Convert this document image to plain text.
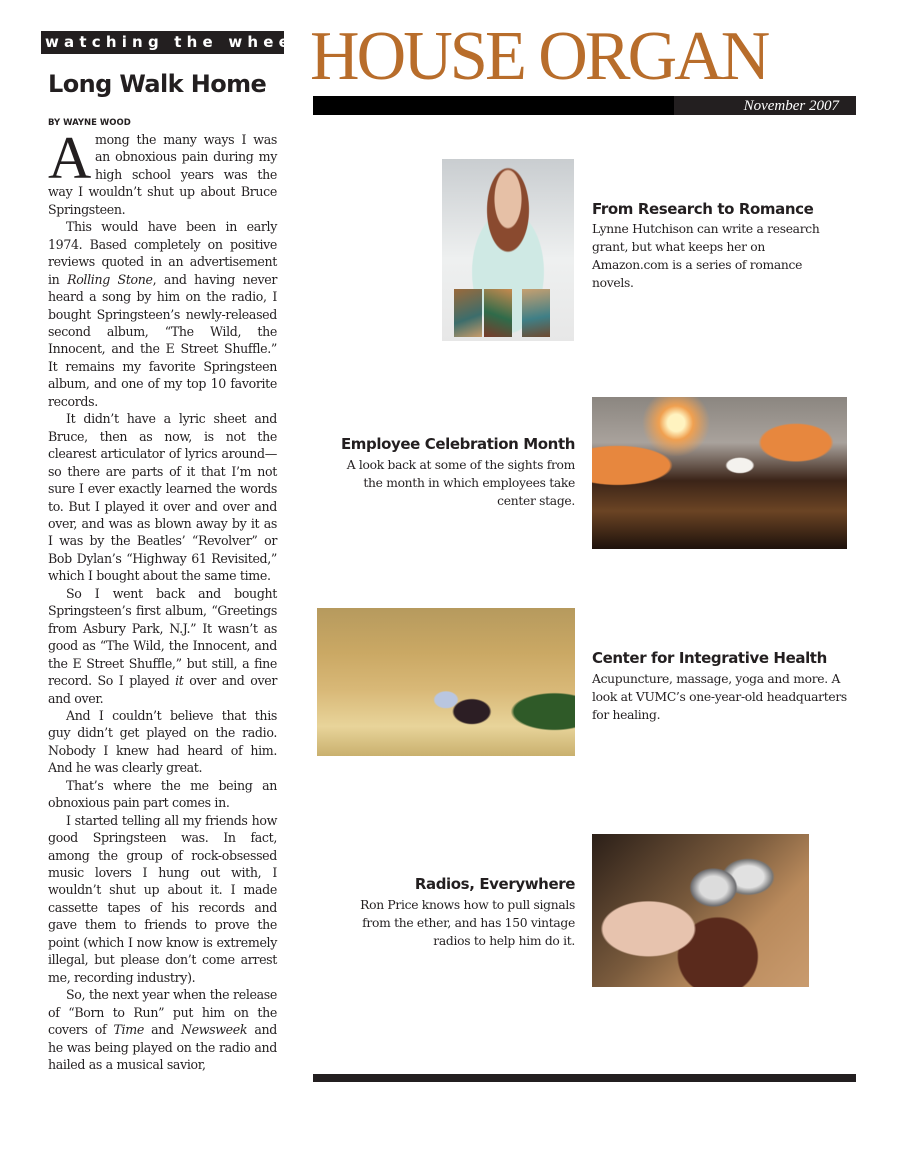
watching the wheels
Long Walk Home
BY WAYNE WOOD

Among the many ways I was an obnoxious pain during my high school years was the way I wouldn’t shut up about Bruce Springsteen.

This would have been in early 1974. Based completely on positive reviews quoted in an advertisement in Rolling Stone, and having never heard a song by him on the radio, I bought Springsteen’s newly-released second album, “The Wild, the Innocent, and the E Street Shuffle.” It remains my favorite Springsteen album, and one of my top 10 favorite records.

It didn’t have a lyric sheet and Bruce, then as now, is not the clearest articulator of lyrics around—so there are parts of it that I’m not sure I ever exactly learned the words to. But I played it over and over and over, and was as blown away by it as I was by the Beatles’ “Revolver” or Bob Dylan’s “Highway 61 Revisited,” which I bought about the same time.

So I went back and bought Springsteen’s first album, “Greetings from Asbury Park, N.J.” It wasn’t as good as “The Wild, the Innocent, and the E Street Shuffle,” but still, a fine record. So I played it over and over and over.

And I couldn’t believe that this guy didn’t get played on the radio. Nobody I knew had heard of him. And he was clearly great.

That’s where the me being an obnoxious pain part comes in.

I started telling all my friends how good Springsteen was. In fact, among the group of rock-obsessed music lovers I hung out with, I wouldn’t shut up about it. I made cassette tapes of his records and gave them to friends to prove the point (which I now know is extremely illegal, but please don’t come arrest me, recording industry).

So, the next year when the release of “Born to Run” put him on the covers of Time and Newsweek and he was being played on the radio and hailed as a musical savior,

HOUSE ORGAN
November 2007
From Research to Romance

Lynne Hutchison can write a research grant, but what keeps her on Amazon.com is a series of romance novels.

Employee Celebration Month

A look back at some of the sights from the month in which employees take center stage.

Center for Integrative Health

Acupuncture, massage, yoga and more. A look at VUMC’s one-year-old headquarters for healing.

Radios, Everywhere

Ron Price knows how to pull signals from the ether, and has 150 vintage radios to help him do it.
